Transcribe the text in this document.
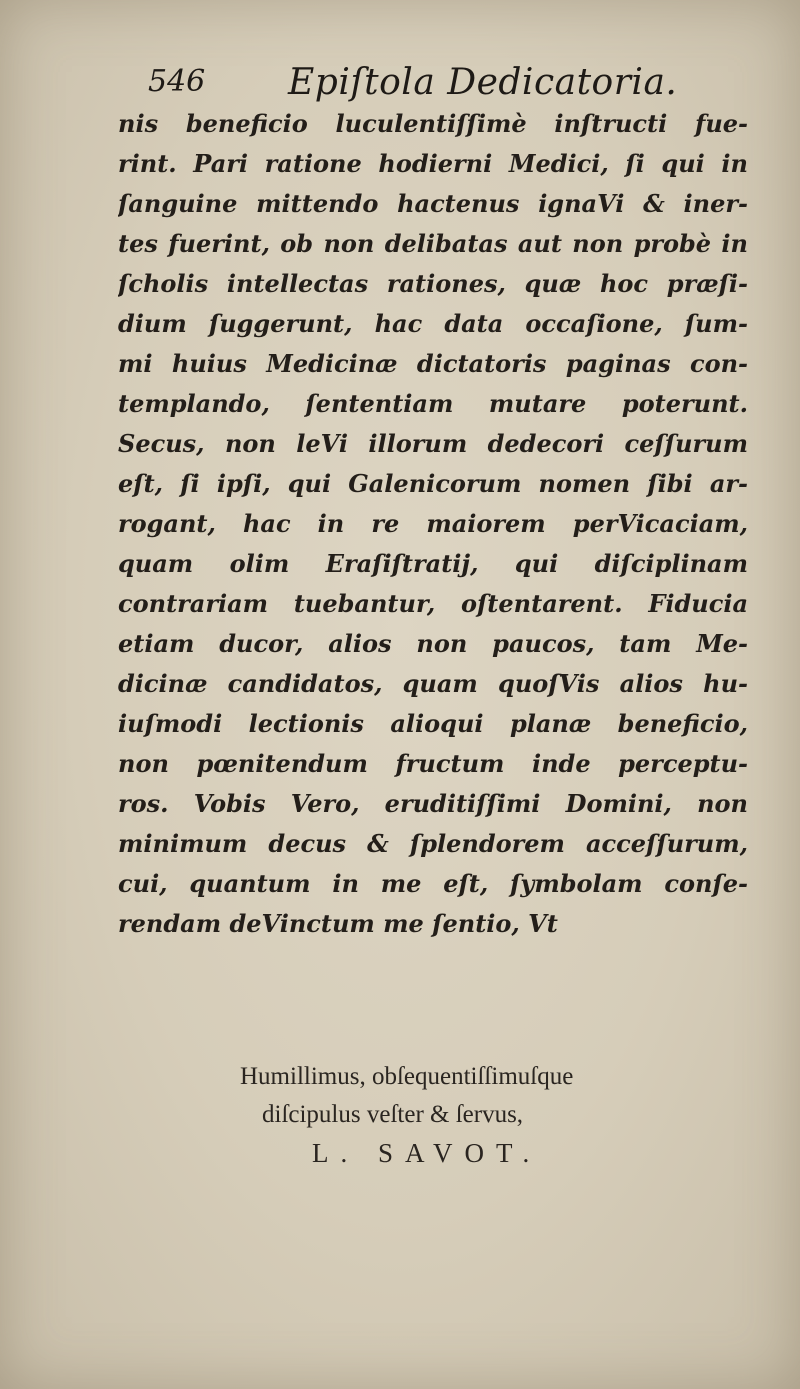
546 Epiſtola Dedicatoria.
nis beneficio luculentiſſimè inſtructi fue-
rint. Pari ratione hodierni Medici, ſi qui in
ſanguine mittendo hactenus ignaVi & iner-
tes fuerint, ob non delibatas aut non probè in
ſcholis intellectas rationes, quæ hoc præſi-
dium ſuggerunt, hac data occaſione, ſum-
mi huius Medicinæ dictatoris paginas con-
templando, ſententiam mutare poterunt.
Secus, non leVi illorum dedecori ceſſurum
eſt, ſi ipſi, qui Galenicorum nomen ſibi ar-
rogant, hac in re maiorem perVicaciam,
quam olim Eraſiſtratij, qui diſciplinam
contrariam tuebantur, oſtentarent. Fiducia
etiam ducor, alios non paucos, tam Me-
dicinæ candidatos, quam quoſVis alios hu-
iuſmodi lectionis alioqui planæ beneficio,
non pœnitendum fructum inde perceptu-
ros. Vobis Vero, eruditiſſimi Domini, non
minimum decus & ſplendorem acceſſurum,
cui, quantum in me eſt, ſymbolam conſe-
rendam deVinctum me ſentio, Vt
Humillimus, obſequentiſſimuſque
diſcipulus veſter & ſervus,
L. SAVOT.
